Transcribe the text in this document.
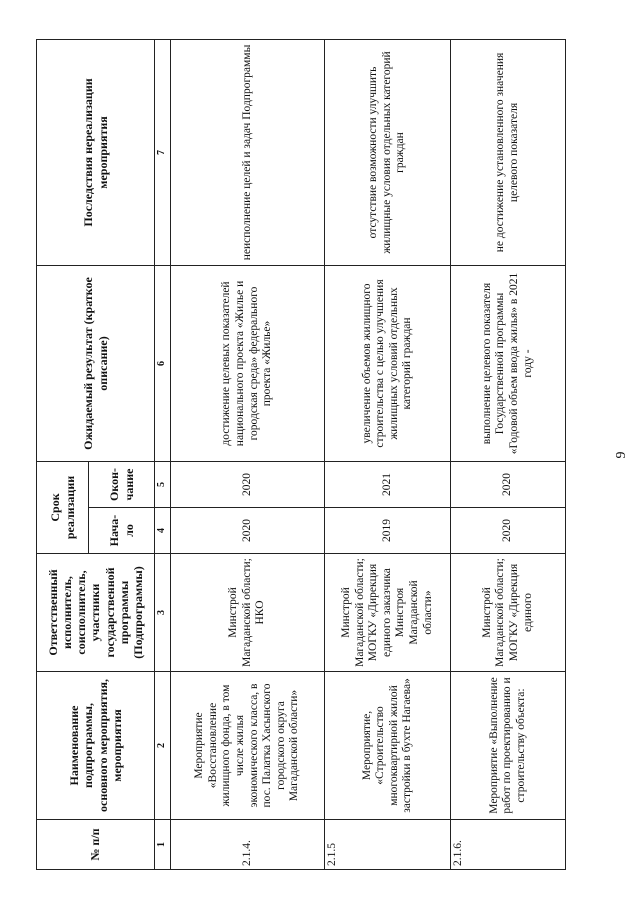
9
№ п/п	Наименование подпрограммы, основного мероприятия, мероприятия	Ответственный исполнитель, соисполнитель, участники государственной программы (Подпрограммы)	Срок реализации		Ожидаемый результат (краткое описание)	Последствия нереализации мероприятия
			Нача-ло	Окон-чание		
1	2	3	4	5	6	7
2.1.4.	Мероприятие «Восстановление жилищного фонда, в том числе жилья экономического класса, в пос. Палатка Хасынского городского округа Магаданской области»	Минстрой Магаданской области; НКО	2020	2020	достижение целевых показателей национального проекта «Жилье и городская среда» федерального проекта «Жилье»	неисполнение целей и задач Подпрограммы
2.1.5	Мероприятие, «Строительство многоквартирной жилой застройки в бухте Нагаева»	Минстрой Магаданской области; МОГКУ «Дирекция единого заказчика Минстроя Магаданской области»	2019	2021	увеличение объемов жилищного строительства с целью улучшения жилищных условий отдельных категорий граждан	отсутствие возможности улучшить жилищные условия отдельных категорий граждан
2.1.6.	Мероприятие «Выполнение работ по проектированию и строительству объекта:	Минстрой Магаданской области; МОГКУ «Дирекция единого	2020	2020	выполнение целевого показателя Государственной программы «Годовой объем ввода жилья» в 2021 году -	не достижение установленного значения целевого показателя
